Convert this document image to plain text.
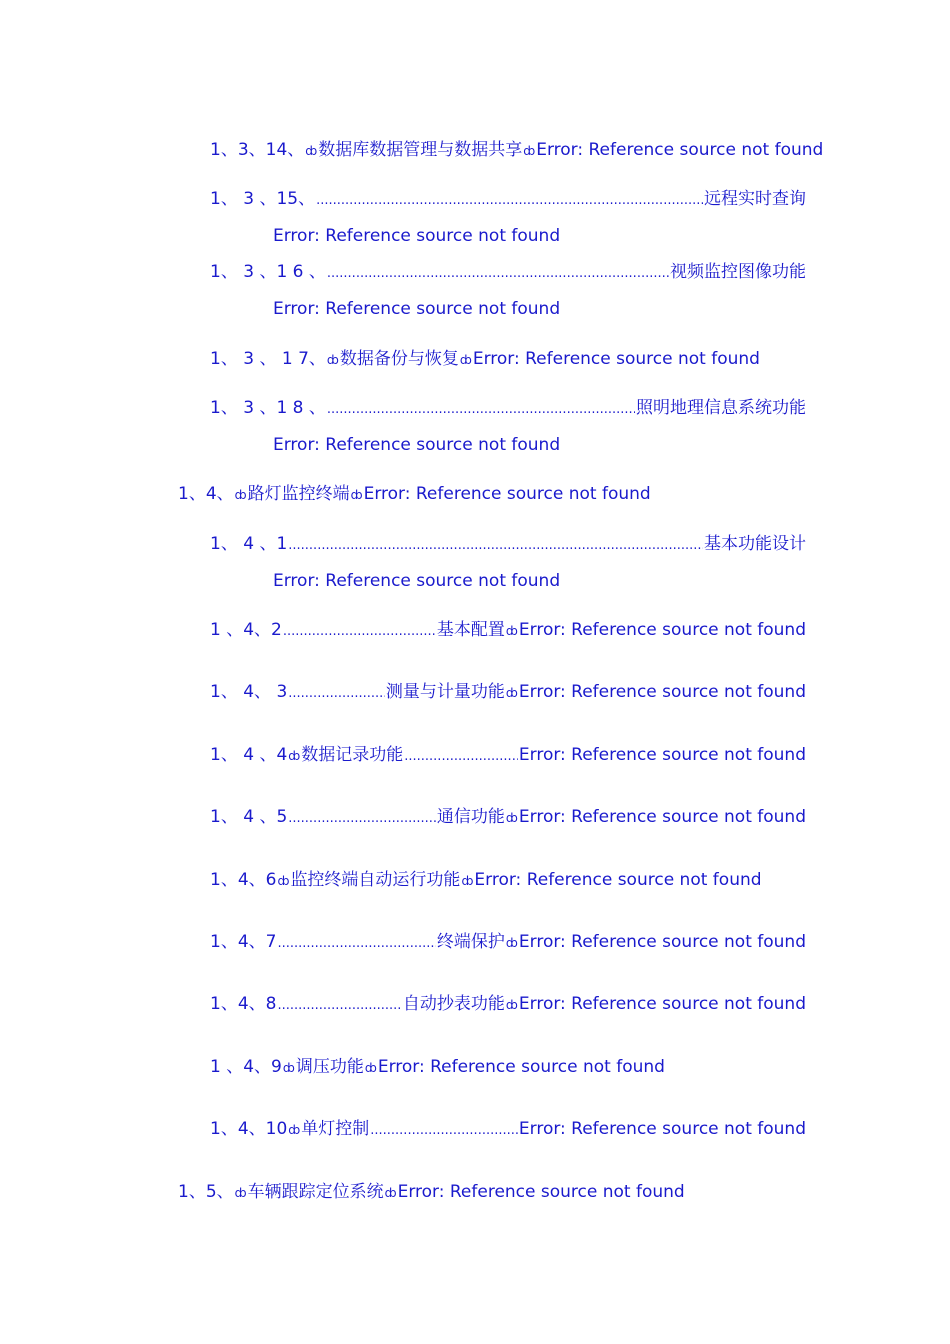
1、3、14、 ȸ 数据库数据管理与数据共享 ȸ Error: Reference source not found
1、 3 、15、 .....	远程实时查询
Error: Reference source not found
1、 3 、1 6 、 .....	视频监控图像功能
Error: Reference source not found
1、 3 、 1 7、 ȸ 数据备份与恢复 ȸ Error: Reference source not found
1、 3 、1 8 、 .....	照明地理信息系统功能
Error: Reference source not found
1、4、 ȸ 路灯监控终端 ȸ Error: Reference source not found
1、 4 、1 .....	基本功能设计
Error: Reference source not found
1 、4、2 .....	基本配置 ȸ Error: Reference source not found
1、 4、 3 .....	测量与计量功能 ȸ Error: Reference source not found
1、 4 、4 ȸ 数据记录功能 .....	Error: Reference source not found
1、 4 、5 .....	通信功能 ȸ Error: Reference source not found
1、4、6 ȸ 监控终端自动运行功能 ȸ Error: Reference source not found
1、4、7 .....	终端保护 ȸ Error: Reference source not found
1、4、8 .....	自动抄表功能 ȸ Error: Reference source not found
1 、4、9 ȸ 调压功能 ȸ Error: Reference source not found
1、4、10 ȸ 单灯控制 .....	Error: Reference source not found
1、5、 ȸ 车辆跟踪定位系统 ȸ Error: Reference source not found
